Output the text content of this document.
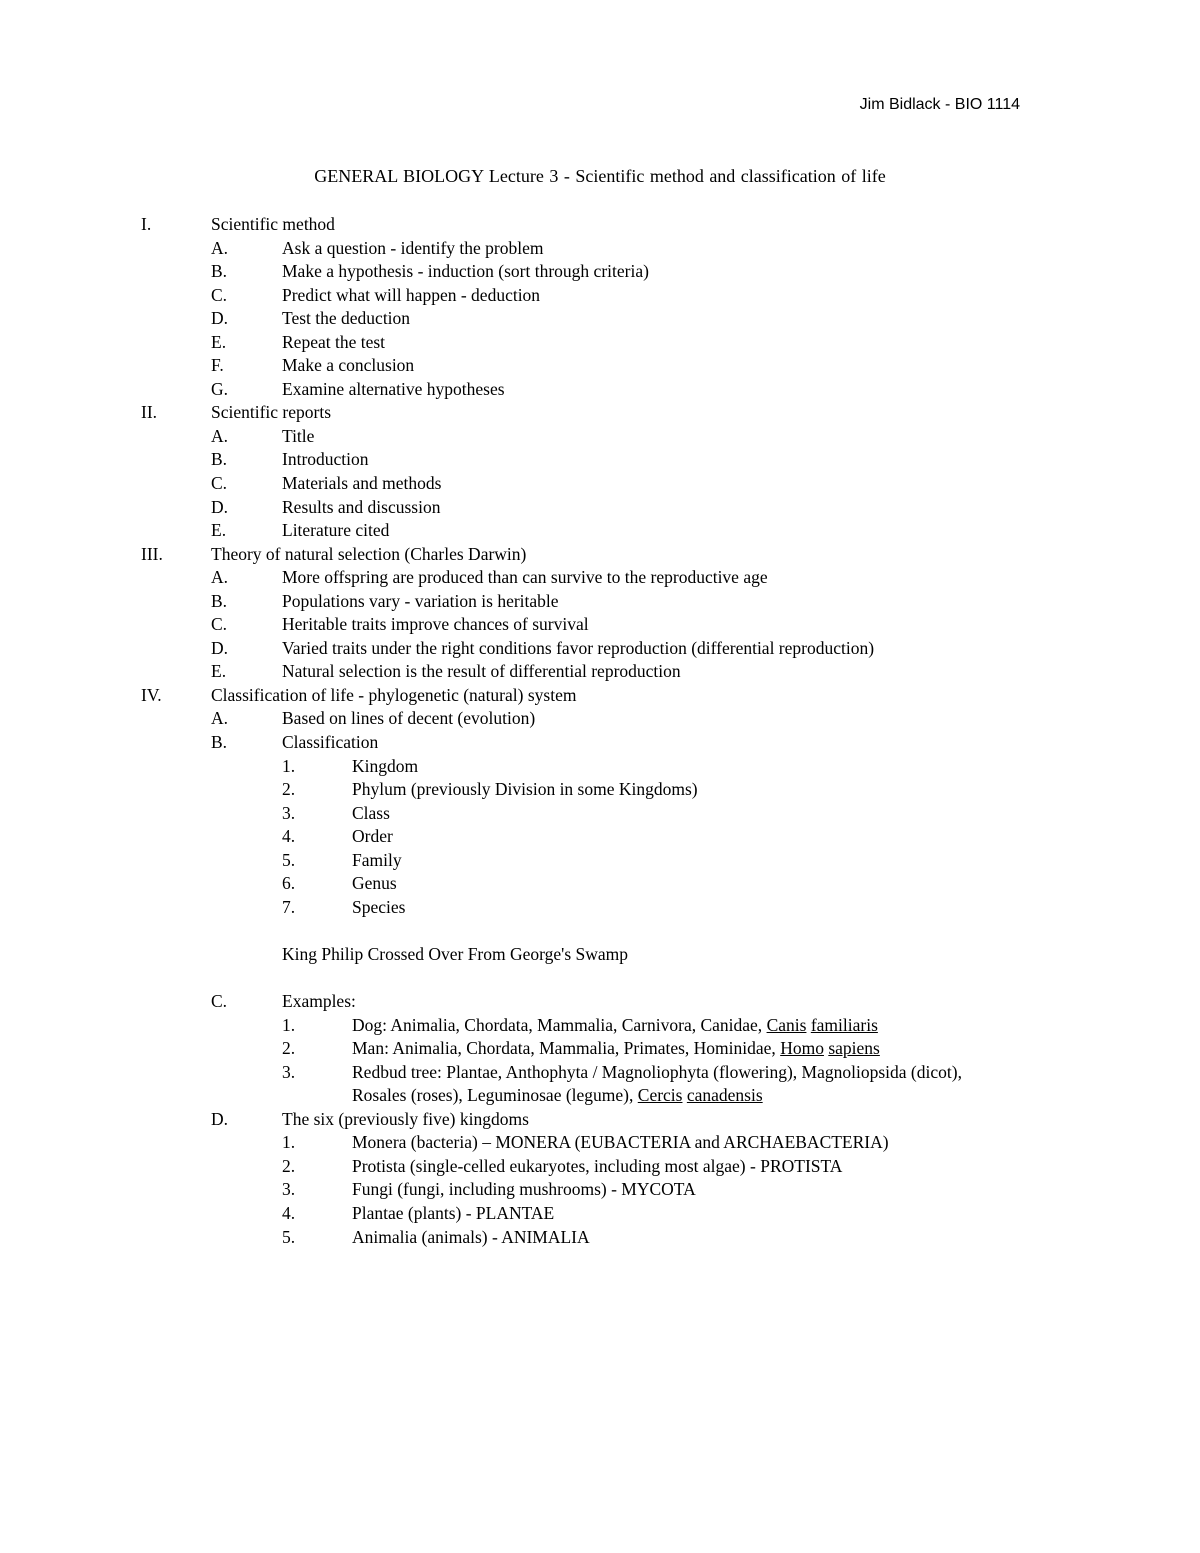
Jim Bidlack - BIO 1114
GENERAL BIOLOGY Lecture 3 - Scientific method and classification of life
I.	Scientific method
A.	Ask a question - identify the problem
B.	Make a hypothesis - induction (sort through criteria)
C.	Predict what will happen - deduction
D.	Test the deduction
E.	Repeat the test
F.	Make a conclusion
G.	Examine alternative hypotheses
II.	Scientific reports
A.	Title
B.	Introduction
C.	Materials and methods
D.	Results and discussion
E.	Literature cited
III.	Theory of natural selection (Charles Darwin)
A.	More offspring are produced than can survive to the reproductive age
B.	Populations vary - variation is heritable
C.	Heritable traits improve chances of survival
D.	Varied traits under the right conditions favor reproduction (differential reproduction)
E.	Natural selection is the result of differential reproduction
IV.	Classification of life - phylogenetic (natural) system
A.	Based on lines of decent (evolution)
B.	Classification
1.	Kingdom
2.	Phylum (previously Division in some Kingdoms)
3.	Class
4.	Order
5.	Family
6.	Genus
7.	Species
King Philip Crossed Over From George's Swamp
C.	Examples:
1.	Dog: Animalia, Chordata, Mammalia, Carnivora, Canidae, Canis familiaris
2.	Man: Animalia, Chordata, Mammalia, Primates, Hominidae, Homo sapiens
3.	Redbud tree: Plantae, Anthophyta / Magnoliophyta (flowering), Magnoliopsida (dicot),
Rosales (roses), Leguminosae (legume), Cercis canadensis
D.	The six (previously five) kingdoms
1.	Monera (bacteria) – MONERA (EUBACTERIA and ARCHAEBACTERIA)
2.	Protista (single-celled eukaryotes, including most algae) - PROTISTA
3.	Fungi (fungi, including mushrooms) - MYCOTA
4.	Plantae (plants) - PLANTAE
5.	Animalia (animals) - ANIMALIA
